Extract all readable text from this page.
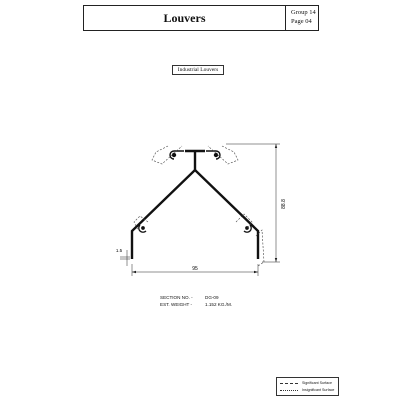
Louvers	Group 14
Page 04
Industrial Louvers
88.8
95
1.5
SECTION NO. -	DG-09
EST. WEIGHT -	1.152 KG./M.
Significant Surface
Insignificant Surface
